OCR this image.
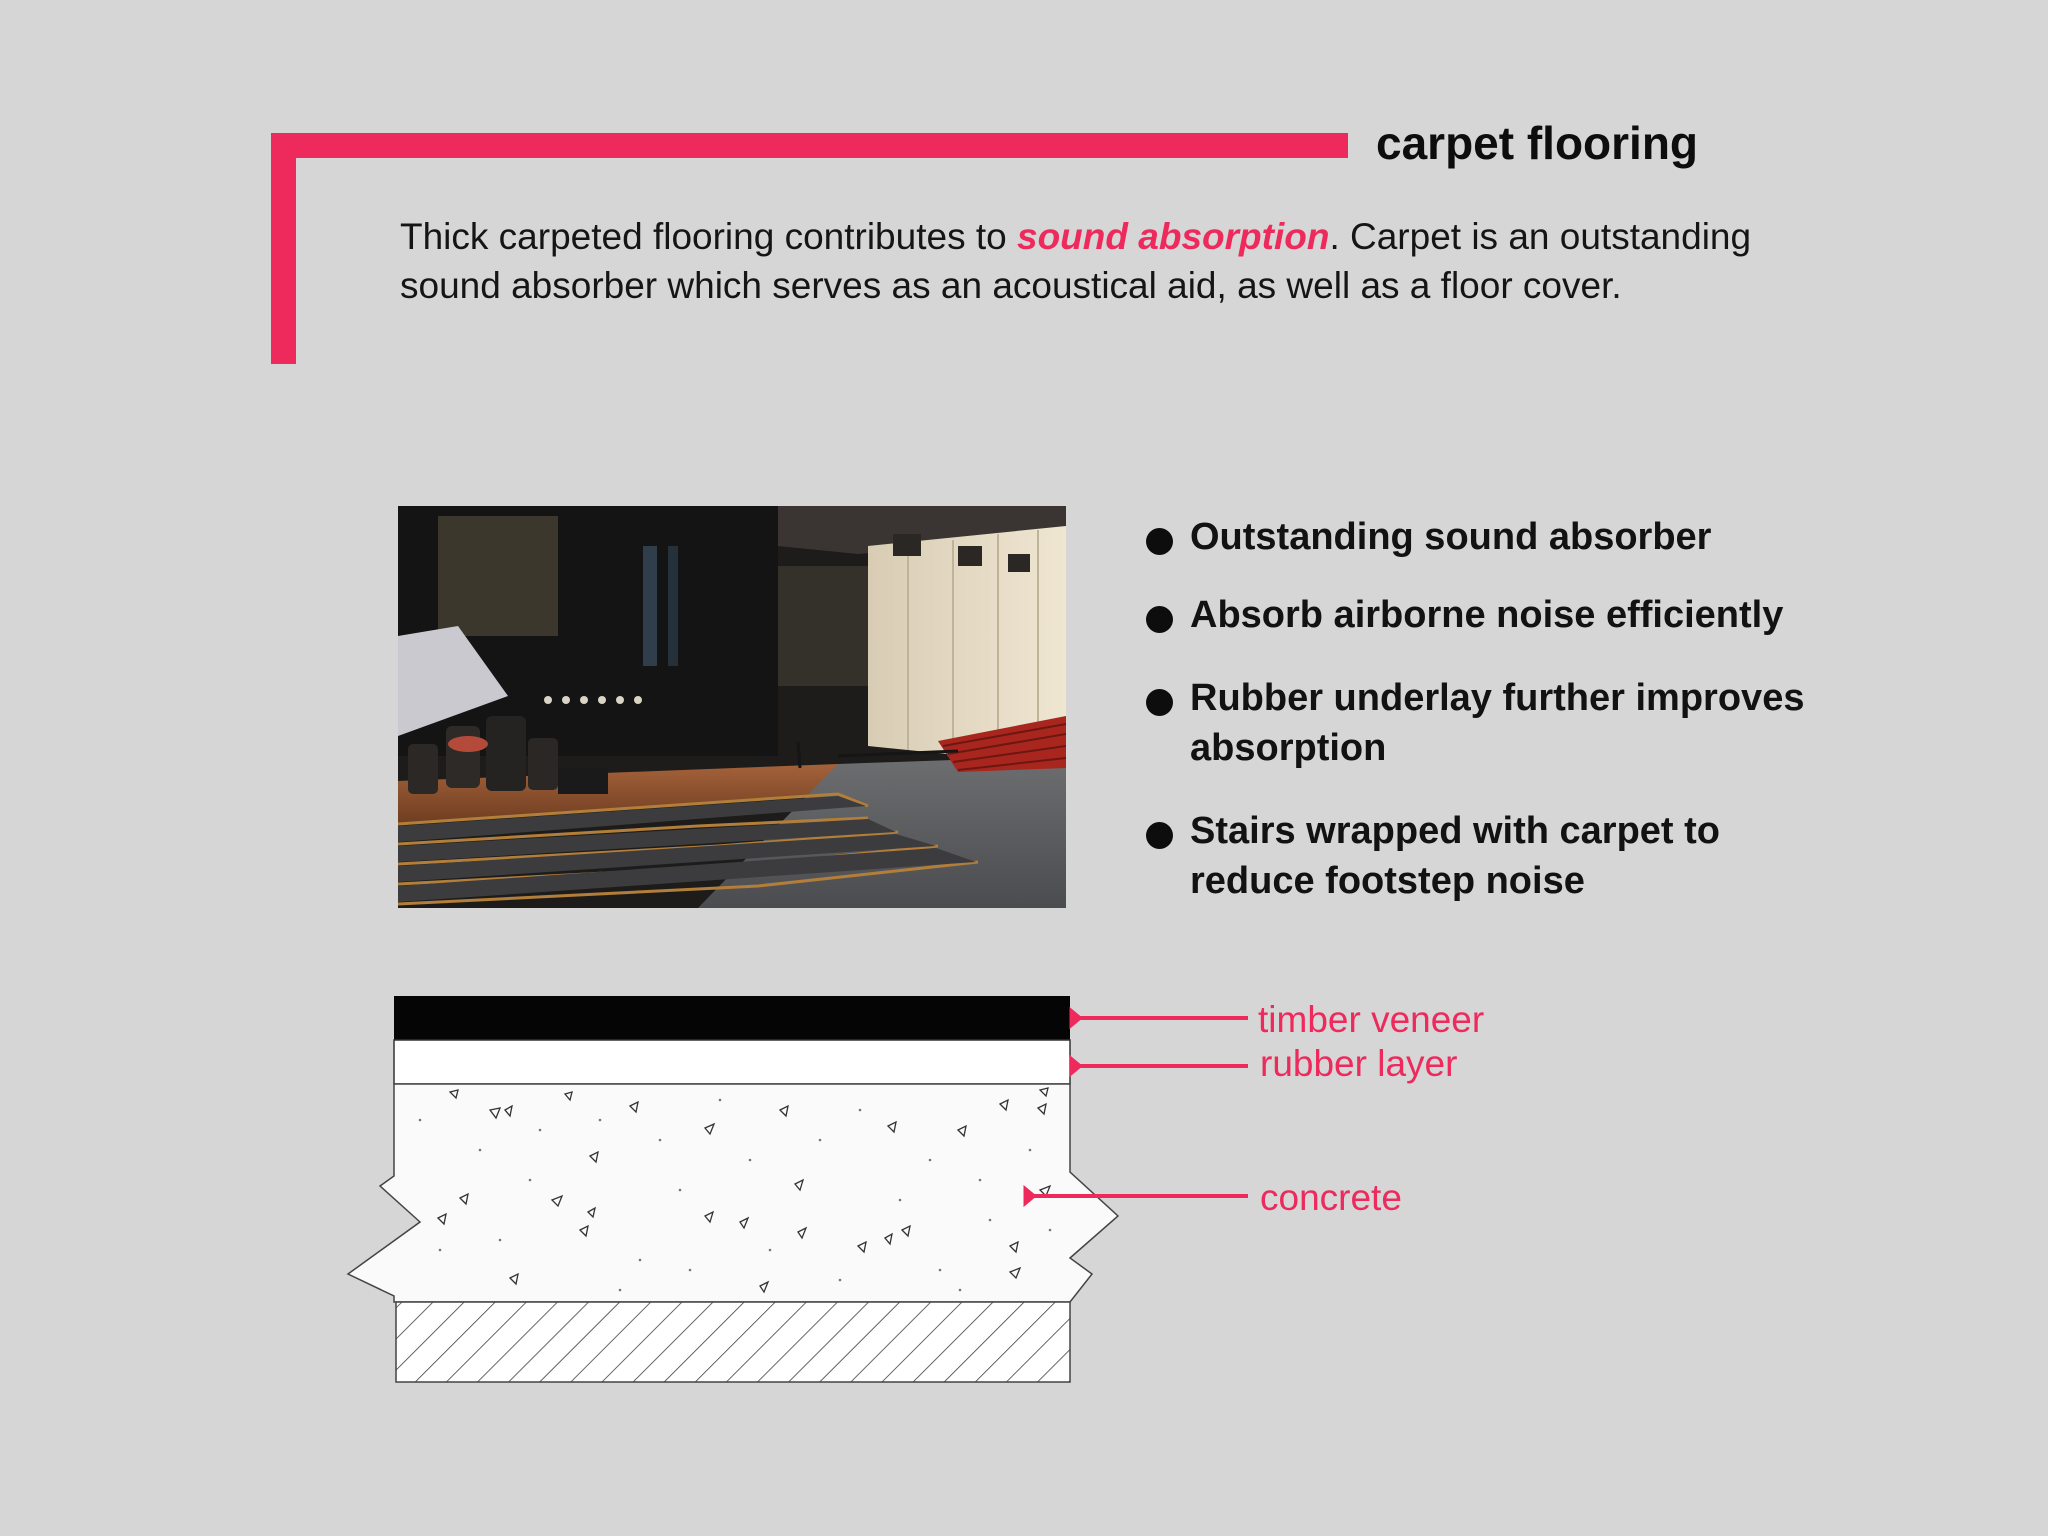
carpet flooring

Thick carpeted flooring contributes to sound absorption. Carpet is an outstanding sound absorber which serves as an acoustical aid, as well as a floor cover.

Outstanding sound absorber
Absorb airborne noise efficiently
Rubber underlay further improves absorption
Stairs wrapped with carpet to reduce footstep noise
timber veneer
rubber layer
concrete
